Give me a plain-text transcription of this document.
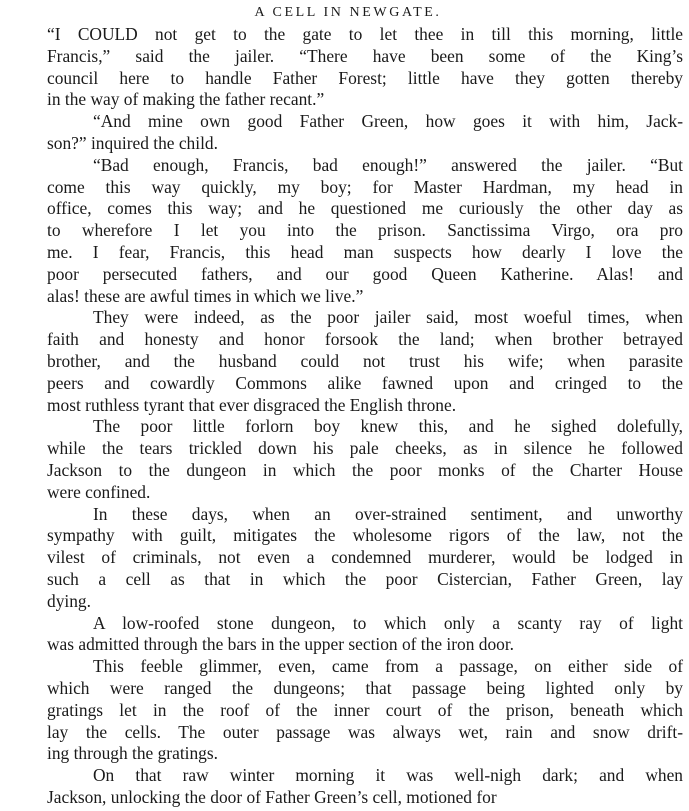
A CELL IN NEWGATE.
“I COULD not get to the gate to let thee in till this morning, little
Francis,” said the jailer. “There have been some of the King’s
council here to handle Father Forest; little have they gotten thereby
in the way of making the father recant.”
“And mine own good Father Green, how goes it with him, Jack-
son?” inquired the child.
“Bad enough, Francis, bad enough!” answered the jailer. “But
come this way quickly, my boy; for Master Hardman, my head in
office, comes this way; and he questioned me curiously the other day as
to wherefore I let you into the prison. Sanctissima Virgo, ora pro
me. I fear, Francis, this head man suspects how dearly I love the
poor persecuted fathers, and our good Queen Katherine. Alas! and
alas! these are awful times in which we live.”
They were indeed, as the poor jailer said, most woeful times, when
faith and honesty and honor forsook the land; when brother betrayed
brother, and the husband could not trust his wife; when parasite
peers and cowardly Commons alike fawned upon and cringed to the
most ruthless tyrant that ever disgraced the English throne.
The poor little forlorn boy knew this, and he sighed dolefully,
while the tears trickled down his pale cheeks, as in silence he followed
Jackson to the dungeon in which the poor monks of the Charter House
were confined.
In these days, when an over-strained sentiment, and unworthy
sympathy with guilt, mitigates the wholesome rigors of the law, not the
vilest of criminals, not even a condemned murderer, would be lodged in
such a cell as that in which the poor Cistercian, Father Green, lay
dying.
A low-roofed stone dungeon, to which only a scanty ray of light
was admitted through the bars in the upper section of the iron door.
This feeble glimmer, even, came from a passage, on either side of
which were ranged the dungeons; that passage being lighted only by
gratings let in the roof of the inner court of the prison, beneath which
lay the cells. The outer passage was always wet, rain and snow drift-
ing through the gratings.
On that raw winter morning it was well-nigh dark; and when
Jackson, unlocking the door of Father Green’s cell, motioned for
